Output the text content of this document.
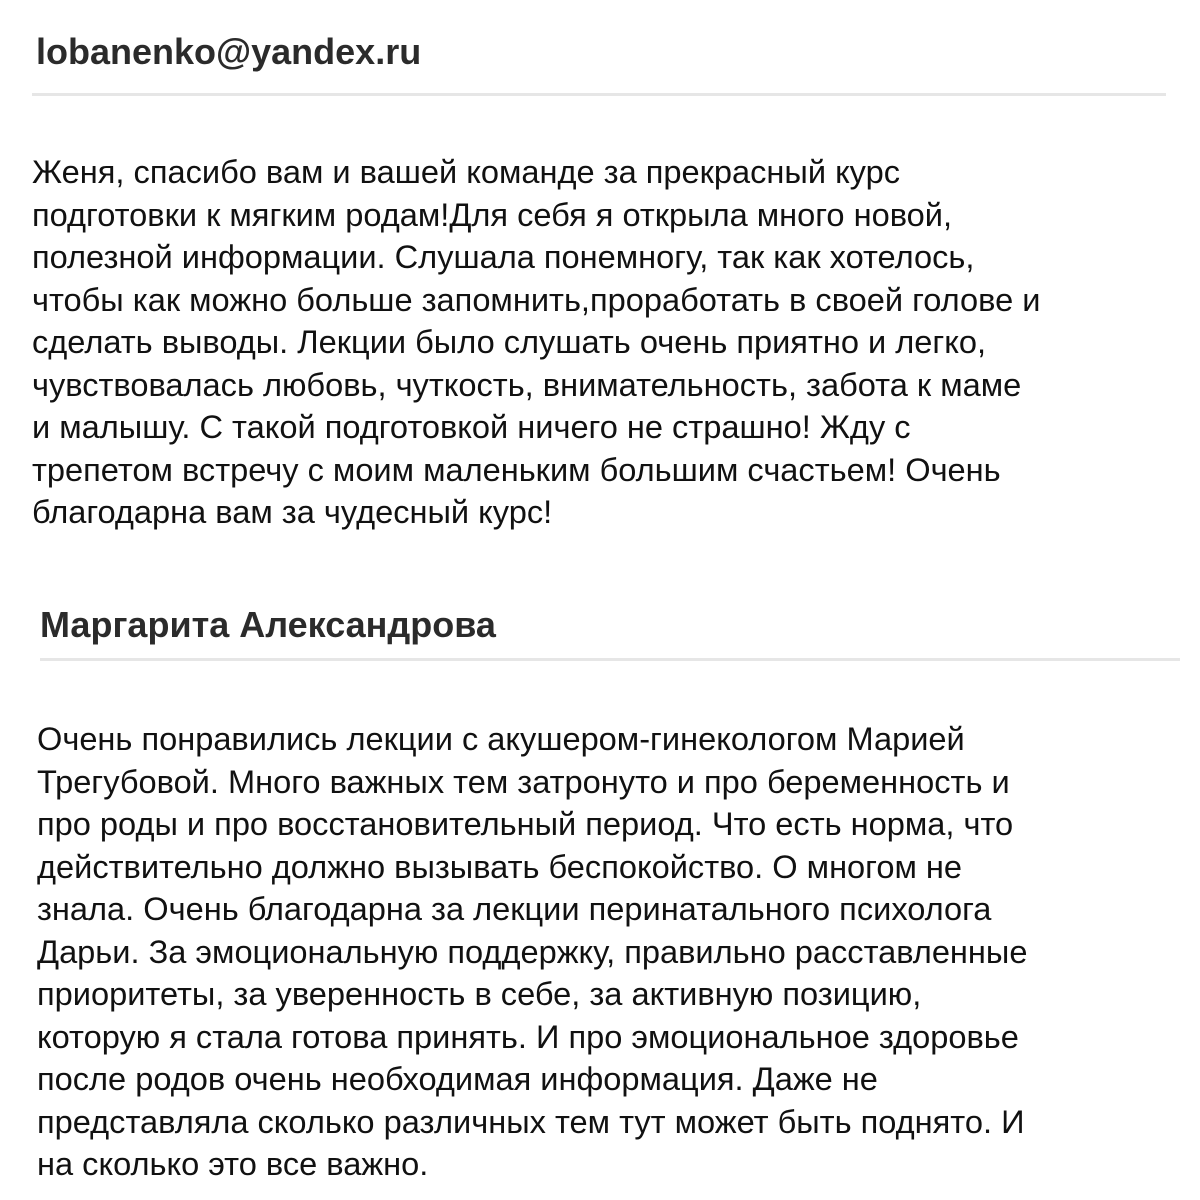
lobanenko@yandex.ru
Женя, спасибо вам и вашей команде за прекрасный курс
подготовки к мягким родам!Для себя я открыла много новой,
полезной информации. Слушала понемногу, так как хотелось,
чтобы как можно больше запомнить,проработать в своей голове и
сделать выводы. Лекции было слушать очень приятно и легко,
чувствовалась любовь, чуткость, внимательность, забота к маме
и малышу. С такой подготовкой ничего не страшно! Жду с
трепетом встречу с моим маленьким большим счастьем! Очень
благодарна вам за чудесный курс!
Маргарита Александрова
Очень понравились лекции с акушером-гинекологом Марией
Трегубовой. Много важных тем затронуто и про беременность и
про роды и про восстановительный период. Что есть норма, что
действительно должно вызывать беспокойство. О многом не
знала. Очень благодарна за лекции перинатального психолога
Дарьи. За эмоциональную поддержку, правильно расставленные
приоритеты, за уверенность в себе, за активную позицию,
которую я стала готова принять. И про эмоциональное здоровье
после родов очень необходимая информация. Даже не
представляла сколько различных тем тут может быть поднято. И
на сколько это все важно.
